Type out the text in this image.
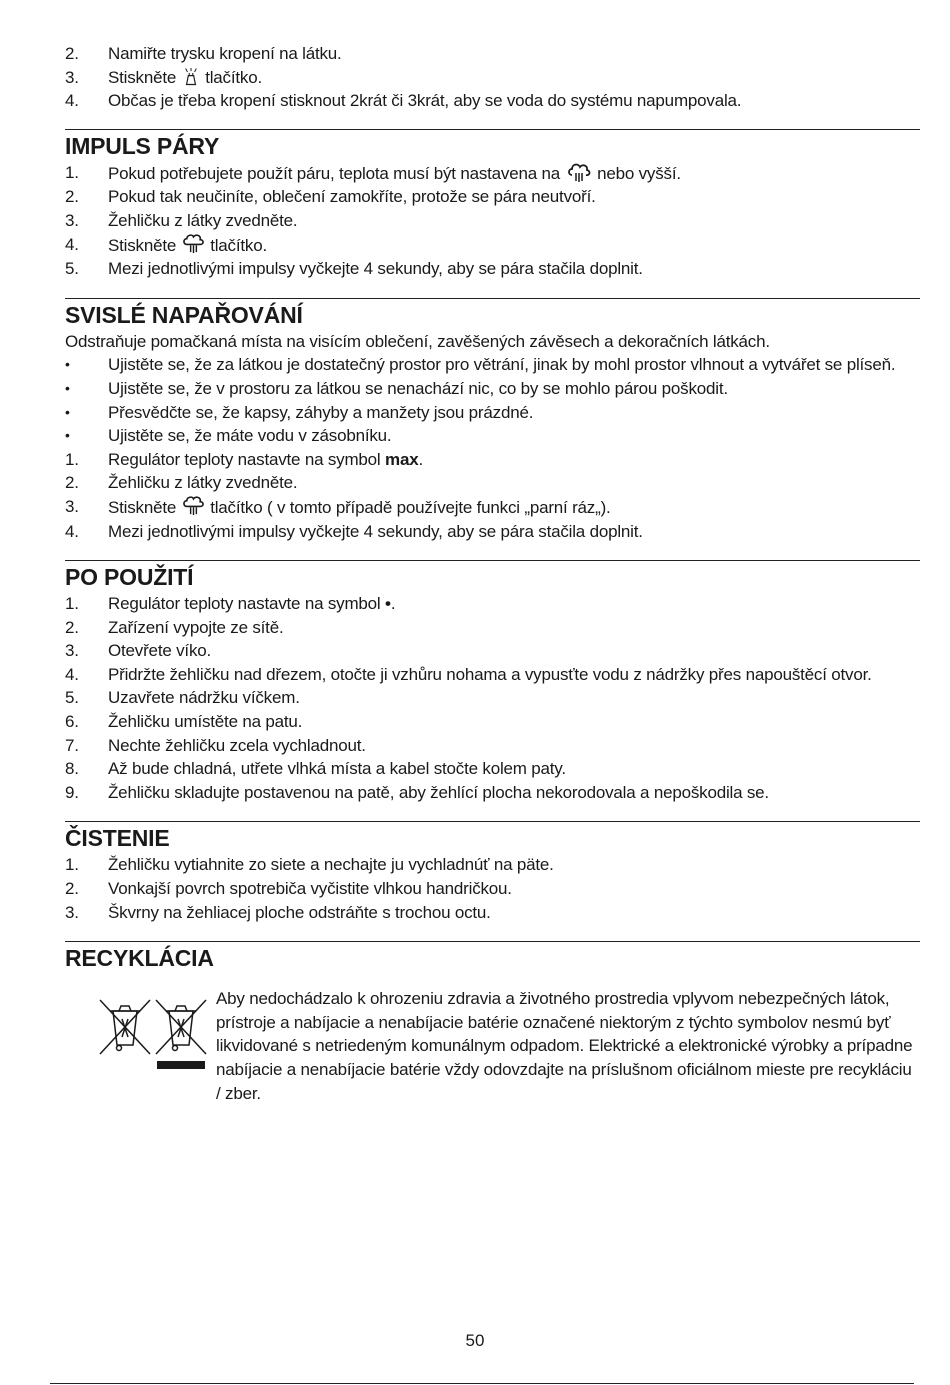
2.	Namiřte trysku kropení na látku.
3.	Stiskněte tlačítko.
4.	Občas je třeba kropení stisknout 2krát či 3krát, aby se voda do systému napumpovala.
IMPULS PÁRY
1.	Pokud potřebujete použít páru, teplota musí být nastavena na nebo vyšší.
2.	Pokud tak neučiníte, oblečení zamokříte, protože se pára neutvoří.
3.	Žehličku z látky zvedněte.
4.	Stiskněte tlačítko.
5.	Mezi jednotlivými impulsy vyčkejte 4 sekundy, aby se pára stačila doplnit.
SVISLÉ NAPAŘOVÁNÍ
Odstraňuje pomačkaná místa na visícím oblečení, zavěšených závěsech a dekoračních látkách.
•	Ujistěte se, že za látkou je dostatečný prostor pro větrání, jinak by mohl prostor vlhnout a vytvářet se plíseň.
•	Ujistěte se, že v prostoru za látkou se nenachází nic, co by se mohlo párou poškodit.
•	Přesvědčte se, že kapsy, záhyby a manžety jsou prázdné.
•	Ujistěte se, že máte vodu v zásobníku.
1.	Regulátor teploty nastavte na symbol max.
2.	Žehličku z látky zvedněte.
3.	Stiskněte tlačítko ( v tomto případě používejte funkci „parní ráz„).
4.	Mezi jednotlivými impulsy vyčkejte 4 sekundy, aby se pára stačila doplnit.
PO POUŽITÍ
1.	Regulátor teploty nastavte na symbol •.
2.	Zařízení vypojte ze sítě.
3.	Otevřete víko.
4.	Přidržte žehličku nad dřezem, otočte ji vzhůru nohama a vypusťte vodu z nádržky přes napouštěcí otvor.
5.	Uzavřete nádržku víčkem.
6.	Žehličku umístěte na patu.
7.	Nechte žehličku zcela vychladnout.
8.	Až bude chladná, utřete vlhká místa a kabel stočte kolem paty.
9.	Žehličku skladujte postavenou na patě, aby žehlící plocha nekorodovala a nepoškodila se.
ČISTENIE
1.	Žehličku vytiahnite zo siete a nechajte ju vychladnúť na päte.
2.	Vonkajší povrch spotrebiča vyčistite vlhkou handričkou.
3.	Škvrny na žehliacej ploche odstráňte s trochou octu.
RECYKLÁCIA
Aby nedochádzalo k ohrozeniu zdravia a životného prostredia vplyvom nebezpečných látok, prístroje a nabíjacie a nenabíjacie batérie označené niektorým z týchto symbolov nesmú byť likvidované s netriedeným komunálnym odpadom. Elektrické a elektronické výrobky a prípadne nabíjacie a nenabíjacie batérie vždy odovzdajte na príslušnom oficiálnom mieste pre recykláciu / zber.
50
